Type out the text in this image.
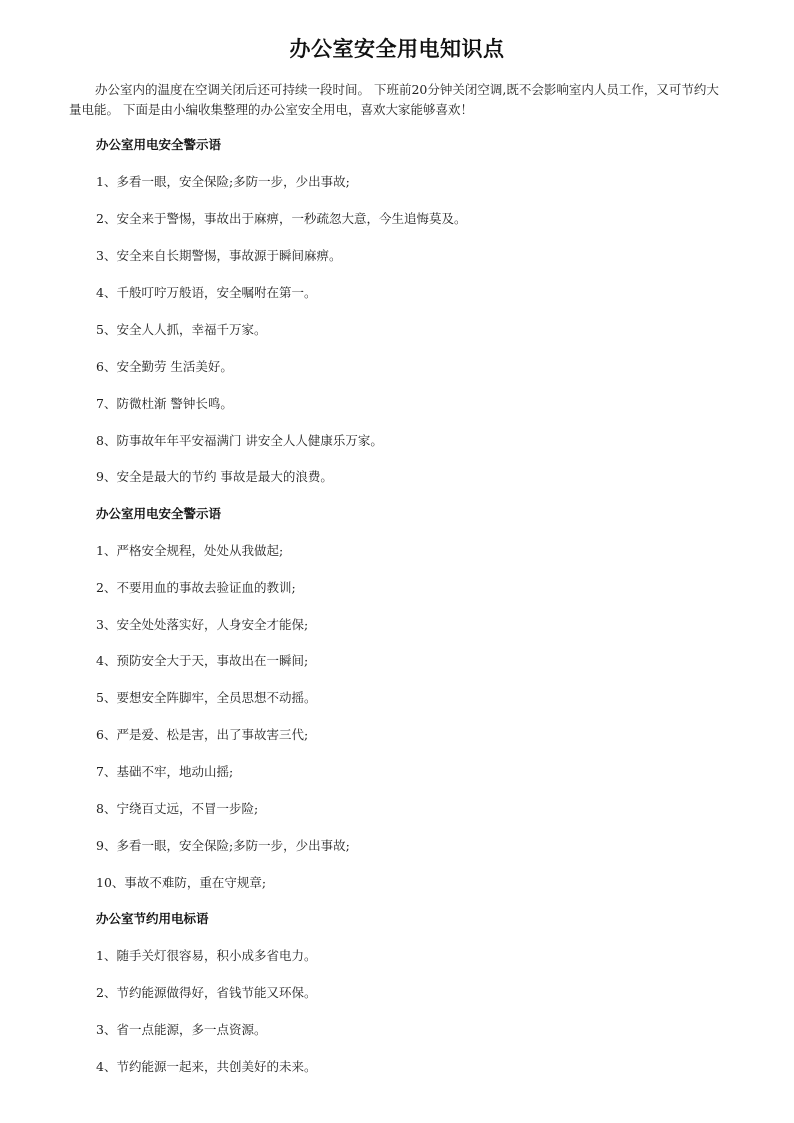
办公室安全用电知识点
办公室内的温度在空调关闭后还可持续一段时间。 下班前20分钟关闭空调,既不会影响室内人员工作，又可节约大量电能。 下面是由小编收集整理的办公室安全用电，喜欢大家能够喜欢！
办公室用电安全警示语
1、多看一眼，安全保险;多防一步，少出事故;
2、安全来于警惕，事故出于麻痹，一秒疏忽大意，今生追悔莫及。
3、安全来自长期警惕，事故源于瞬间麻痹。
4、千般叮咛万般语，安全嘱咐在第一。
5、安全人人抓，幸福千万家。
6、安全勤劳 生活美好。
7、防微杜渐 警钟长鸣。
8、防事故年年平安福满门 讲安全人人健康乐万家。
9、安全是最大的节约 事故是最大的浪费。
办公室用电安全警示语
1、严格安全规程，处处从我做起;
2、不要用血的事故去验证血的教训;
3、安全处处落实好，人身安全才能保;
4、预防安全大于天，事故出在一瞬间;
5、要想安全阵脚牢，全员思想不动摇。
6、严是爱、松是害，出了事故害三代;
7、基础不牢，地动山摇;
8、宁绕百丈远，不冒一步险;
9、多看一眼，安全保险;多防一步，少出事故;
10、事故不难防，重在守规章;
办公室节约用电标语
1、随手关灯很容易，积小成多省电力。
2、节约能源做得好，省钱节能又环保。
3、省一点能源，多一点资源。
4、节约能源一起来，共创美好的未来。
